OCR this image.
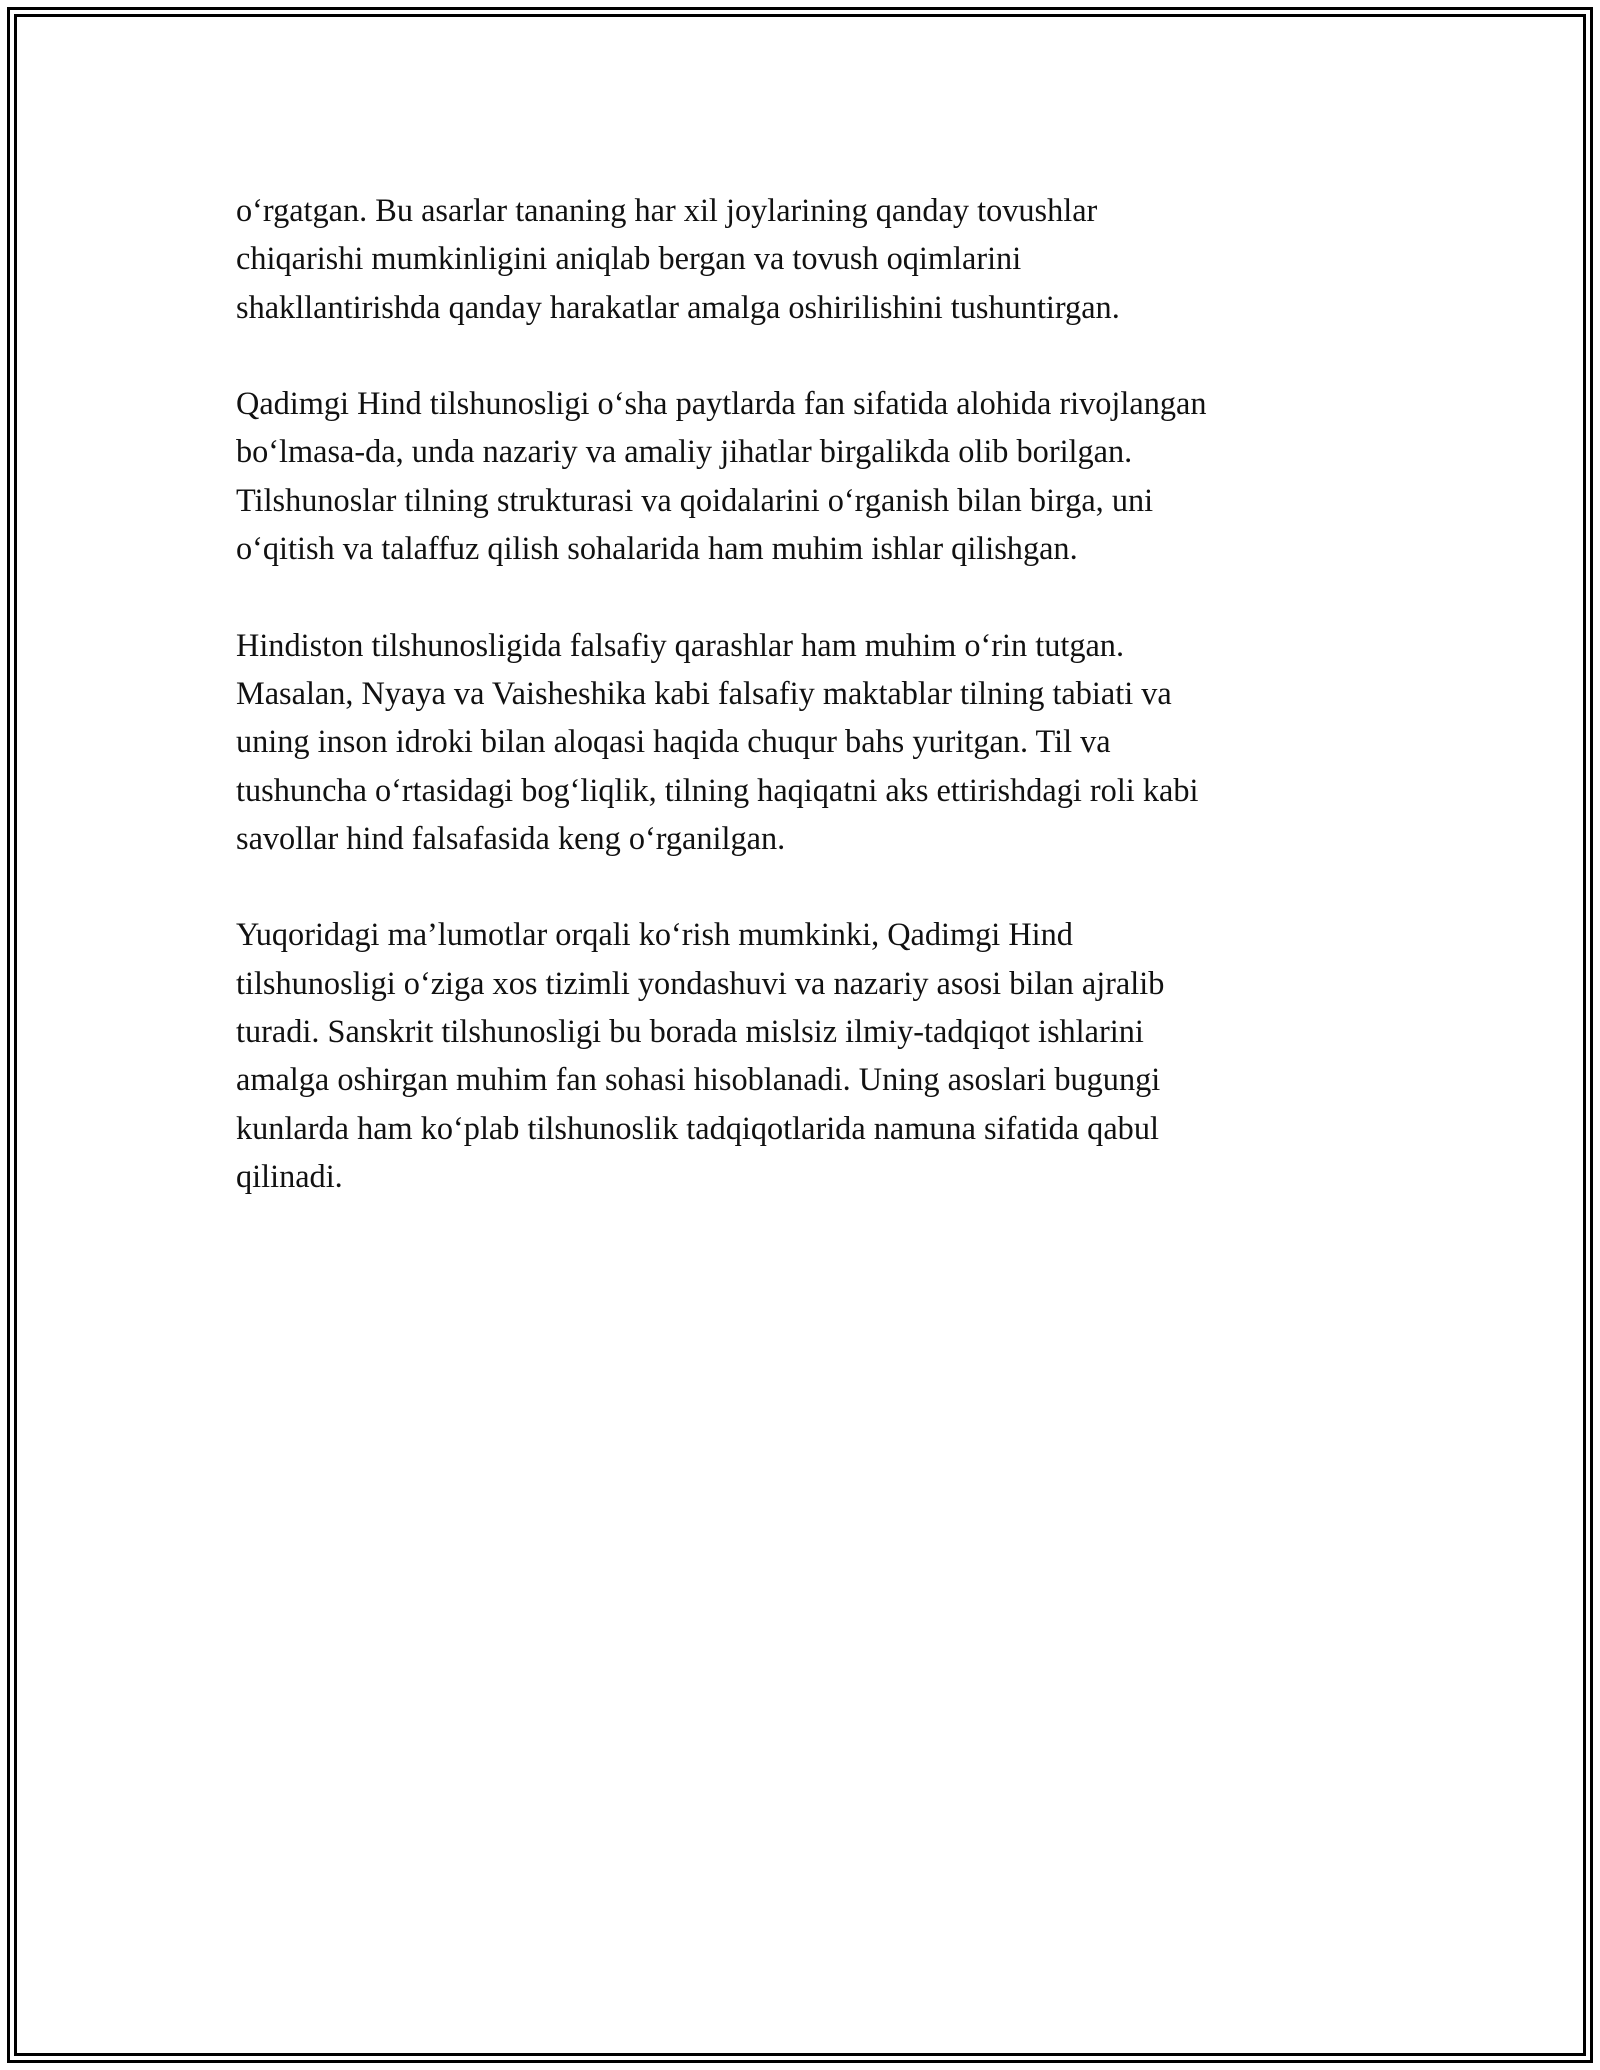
o‘rgatgan. Bu asarlar tananing har xil joylarining qanday tovushlar
chiqarishi mumkinligini aniqlab bergan va tovush oqimlarini
shakllantirishda qanday harakatlar amalga oshirilishini tushuntirgan.

Qadimgi Hind tilshunosligi o‘sha paytlarda fan sifatida alohida rivojlangan
bo‘lmasa-da, unda nazariy va amaliy jihatlar birgalikda olib borilgan.
Tilshunoslar tilning strukturasi va qoidalarini o‘rganish bilan birga, uni
o‘qitish va talaffuz qilish sohalarida ham muhim ishlar qilishgan.

Hindiston tilshunosligida falsafiy qarashlar ham muhim o‘rin tutgan.
Masalan, Nyaya va Vaisheshika kabi falsafiy maktablar tilning tabiati va
uning inson idroki bilan aloqasi haqida chuqur bahs yuritgan. Til va
tushuncha o‘rtasidagi bog‘liqlik, tilning haqiqatni aks ettirishdagi roli kabi
savollar hind falsafasida keng o‘rganilgan.

Yuqoridagi ma’lumotlar orqali ko‘rish mumkinki, Qadimgi Hind
tilshunosligi o‘ziga xos tizimli yondashuvi va nazariy asosi bilan ajralib
turadi. Sanskrit tilshunosligi bu borada mislsiz ilmiy-tadqiqot ishlarini
amalga oshirgan muhim fan sohasi hisoblanadi. Uning asoslari bugungi
kunlarda ham ko‘plab tilshunoslik tadqiqotlarida namuna sifatida qabul
qilinadi.
